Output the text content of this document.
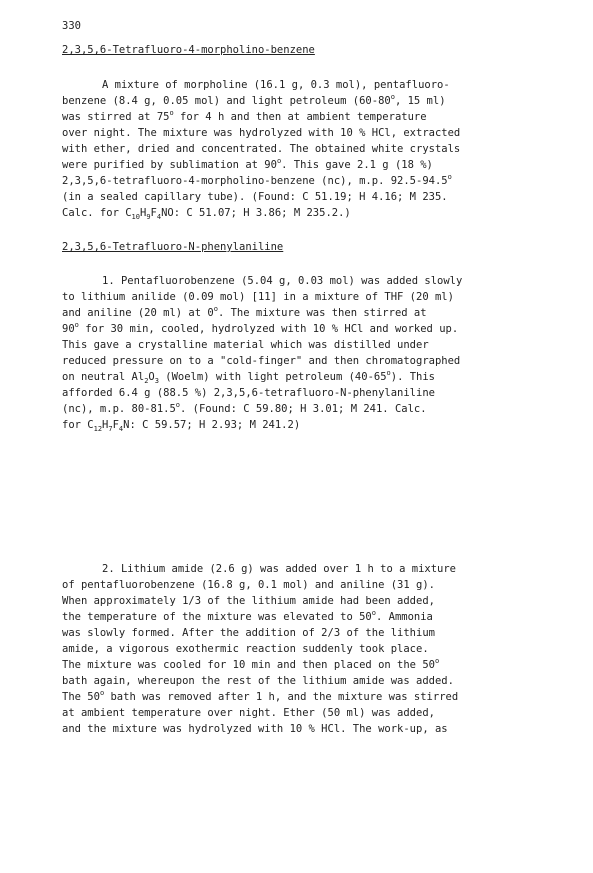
330
2,3,5,6-Tetrafluoro-4-morpholino-benzene
A mixture of morpholine (16.1 g, 0.3 mol), pentafluoro-
benzene (8.4 g, 0.05 mol) and light petroleum (60-80$^o$, 15 ml)
was stirred at 75$^o$ for 4 h and then at ambient temperature
over night. The mixture was hydrolyzed with 10 % HCl, extracted
with ether, dried and concentrated. The obtained white crystals
were purified by sublimation at 90$^o$. This gave 2.1 g (18 %)
2,3,5,6-tetrafluoro-4-morpholino-benzene (nc), m.p. 92.5-94.5$^o$
(in a sealed capillary tube). (Found: C 51.19; H 4.16; M 235.
Calc. for $C_{10}H_9F_4NO$: C 51.07; H 3.86; M 235.2.)
2,3,5,6-Tetrafluoro-N-phenylaniline
1. Pentafluorobenzene (5.04 g, 0.03 mol) was added slowly
to lithium anilide (0.09 mol) [11] in a mixture of THF (20 ml)
and aniline (20 ml) at 0$^o$. The mixture was then stirred at
90$^o$ for 30 min, cooled, hydrolyzed with 10 % HCl and worked up.
This gave a crystalline material which was distilled under
reduced pressure on to a "cold-finger" and then chromatographed
on neutral $Al_2O_3$ (Woelm) with light petroleum (40-65$^o$). This
afforded 6.4 g (88.5 %) 2,3,5,6-tetrafluoro-N-phenylaniline
(nc), m.p. 80-81.5$^o$. (Found: C 59.80; H 3.01; M 241. Calc.
for $C_{12}H_7F_4N$: C 59.57; H 2.93; M 241.2)
2. Lithium amide (2.6 g) was added over 1 h to a mixture
of pentafluorobenzene (16.8 g, 0.1 mol) and aniline (31 g).
When approximately 1/3 of the lithium amide had been added,
the temperature of the mixture was elevated to 50$^o$. Ammonia
was slowly formed. After the addition of 2/3 of the lithium
amide, a vigorous exothermic reaction suddenly took place.
The mixture was cooled for 10 min and then placed on the 50$^o$
bath again, whereupon the rest of the lithium amide was added.
The 50$^o$ bath was removed after 1 h, and the mixture was stirred
at ambient temperature over night. Ether (50 ml) was added,
and the mixture was hydrolyzed with 10 % HCl. The work-up, as
